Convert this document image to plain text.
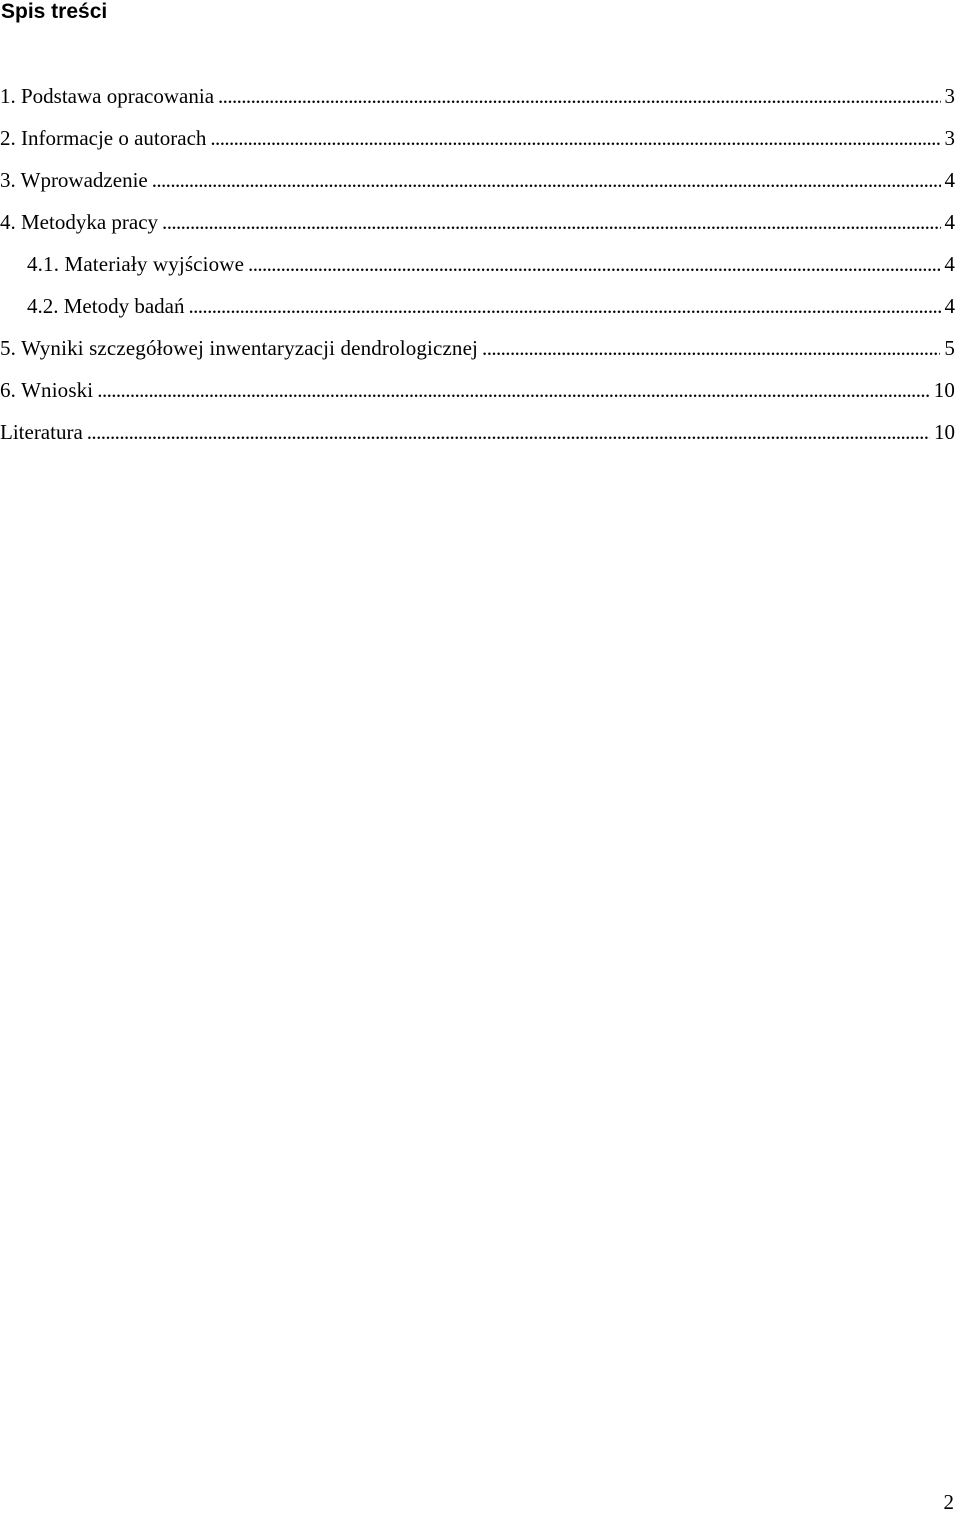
Spis treści
1. Podstawa opracowania .....	3
2. Informacje o autorach .....	3
3. Wprowadzenie .....	4
4. Metodyka pracy .....	4
4.1. Materiały wyjściowe .....	4
4.2. Metody badań .....	4
5. Wyniki szczegółowej inwentaryzacji dendrologicznej .....	5
6. Wnioski .....	10
Literatura .....	10
2
